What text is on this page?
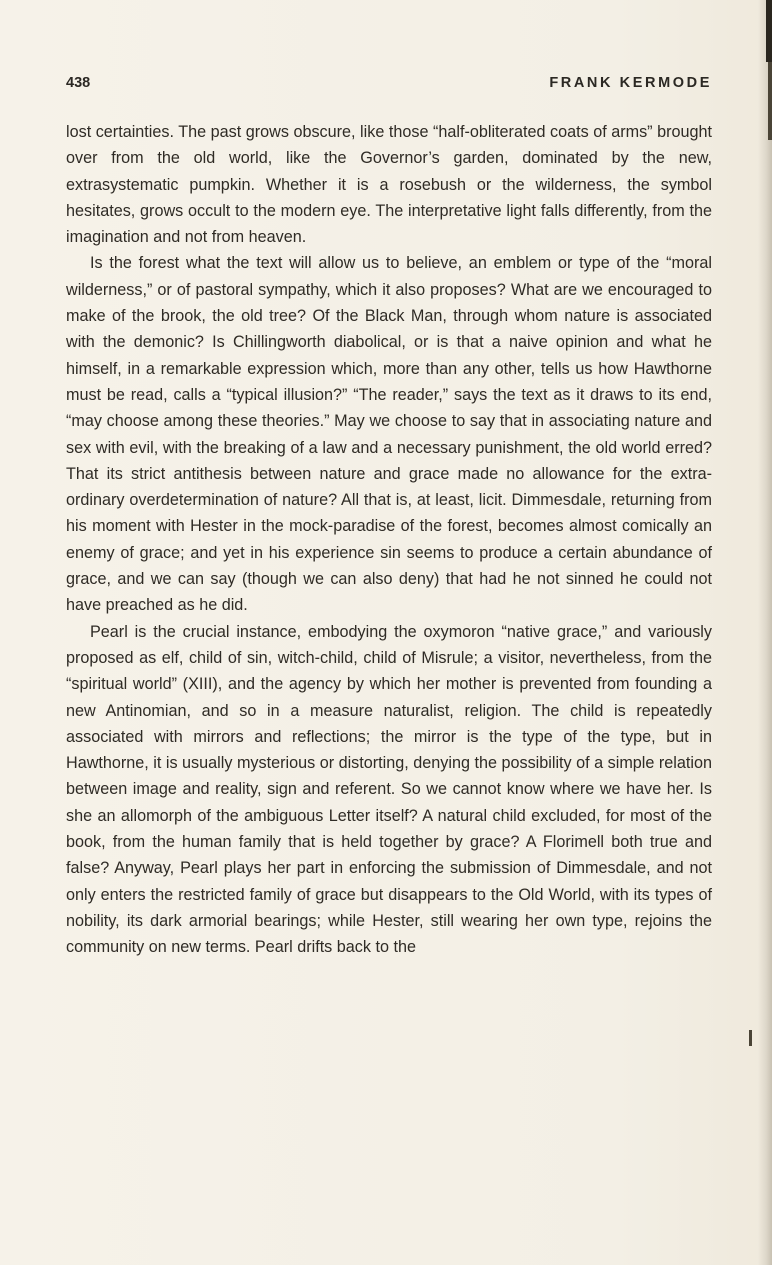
438	FRANK KERMODE

lost certainties. The past grows obscure, like those “half-obliterated coats of arms” brought over from the old world, like the Governor’s garden, dominated by the new, extrasystematic pumpkin. Whether it is a rosebush or the wilderness, the symbol hesitates, grows occult to the modern eye. The interpretative light falls differently, from the imagination and not from heaven.

Is the forest what the text will allow us to believe, an emblem or type of the “moral wilderness,” or of pastoral sympathy, which it also proposes? What are we encouraged to make of the brook, the old tree? Of the Black Man, through whom nature is associated with the demonic? Is Chillingworth diabolical, or is that a naive opinion and what he himself, in a remarkable expression which, more than any other, tells us how Hawthorne must be read, calls a “typical illusion?” “The reader,” says the text as it draws to its end, “may choose among these theories.” May we choose to say that in associating nature and sex with evil, with the breaking of a law and a necessary punishment, the old world erred? That its strict antithesis between nature and grace made no allowance for the extra-ordinary overdetermination of nature? All that is, at least, licit. Dimmesdale, returning from his moment with Hester in the mock-paradise of the forest, becomes almost comically an enemy of grace; and yet in his experience sin seems to produce a certain abundance of grace, and we can say (though we can also deny) that had he not sinned he could not have preached as he did.

Pearl is the crucial instance, embodying the oxymoron “native grace,” and variously proposed as elf, child of sin, witch-child, child of Misrule; a visitor, nevertheless, from the “spiritual world” (XIII), and the agency by which her mother is prevented from founding a new Antinomian, and so in a measure naturalist, religion. The child is repeatedly associated with mirrors and reflections; the mirror is the type of the type, but in Hawthorne, it is usually mysterious or distorting, denying the possibility of a simple relation between image and reality, sign and referent. So we cannot know where we have her. Is she an allomorph of the ambiguous Letter itself? A natural child excluded, for most of the book, from the human family that is held together by grace? A Florimell both true and false? Anyway, Pearl plays her part in enforcing the submission of Dimmesdale, and not only enters the restricted family of grace but disappears to the Old World, with its types of nobility, its dark armorial bearings; while Hester, still wearing her own type, rejoins the community on new terms. Pearl drifts back to the
